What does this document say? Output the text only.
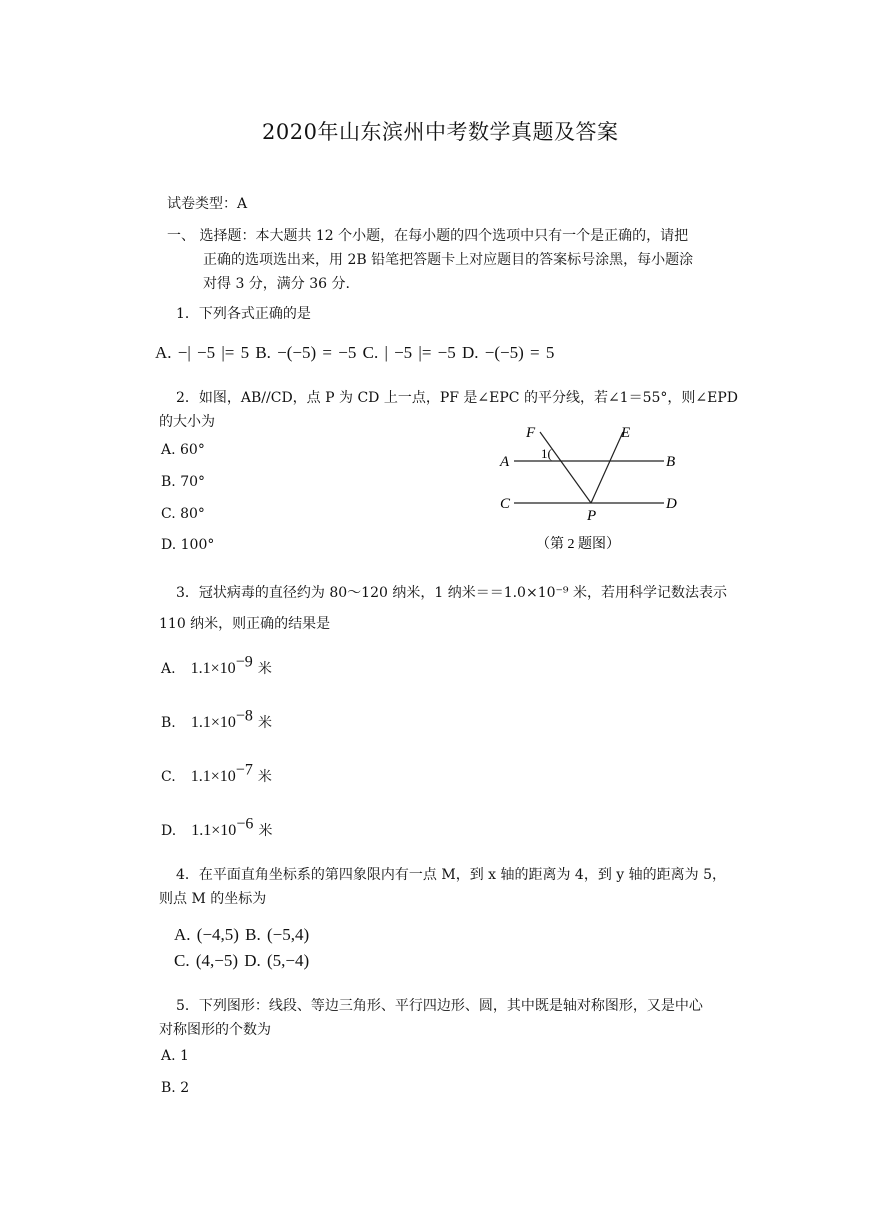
2020年山东滨州中考数学真题及答案
试卷类型：A
一、 选择题：本大题共 12 个小题，在每小题的四个选项中只有一个是正确的，请把
正确的选项选出来，用 2B 铅笔把答题卡上对应题目的答案标号涂黑，每小题涂
对得 3 分，满分 36 分.
1．下列各式正确的是
A. −| −5 |= 5 B. −(−5) = −5 C. | −5 |= −5 D. −(−5) = 5
2．如图，AB//CD，点 P 为 CD 上一点，PF 是∠EPC 的平分线，若∠1＝55°，则∠EPD
的大小为
A. 60°
B. 70°
C. 80°
D. 100°
F	E
A	B
C	D
P
1(
（第 2 题图）
3．冠状病毒的直径约为 80～120 纳米，1 纳米＝＝1.0×10⁻⁹ 米，若用科学记数法表示
110 纳米，则正确的结果是
A. $1.1\times 10^{-9}$ 米
B. $1.1\times 10^{-8}$ 米
C. $1.1\times 10^{-7}$ 米
D. $1.1\times 10^{-6}$ 米
4．在平面直角坐标系的第四象限内有一点 M，到 x 轴的距离为 4，到 y 轴的距离为 5，
则点 M 的坐标为
A. (−4,5) B. (−5,4)
C. (4,−5) D. (5,−4)
5．下列图形：线段、等边三角形、平行四边形、圆，其中既是轴对称图形，又是中心
对称图形的个数为
A. 1
B. 2
